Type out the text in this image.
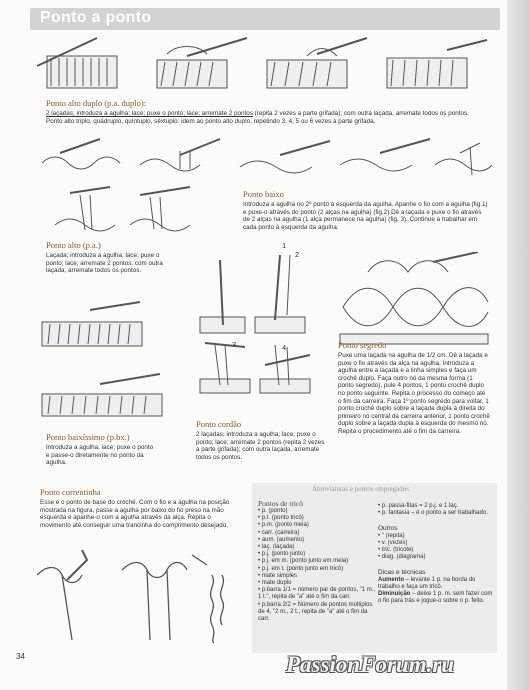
Ponto a ponto
Ponto alto duplo (p.a. duplo):
2 laçadas; introduza a agulha; lace; puxe o ponto; lace; arremate 2 pontos (repita 2 vezes a parte grifada); com outra laçada, arremate todos os pontos. Ponto alto triplo, quádruplo, quíntuplo, sêxtuplo: idem ao ponto alto duplo, repetindo 3, 4, 5 ou 6 vezes a parte grifada.
Ponto baixo
Introduza a agulha no 2º ponto à esquerda da agulha. Apanhe o fio com a agulha (fig.1) e puxe-o através do ponto (2 alças na agulha) (fig.2) Dê a laçada e puxe o fio através de 2 alças na agulha (1 alça permanece na agulha) (fig. 3). Continue a trabalhar em cada ponto à esquerda da agulha.
Ponto alto (p.a.)
Laçada; introduza a agulha; lace; puxe o ponto; lace; arremate 2 pontos; com outra laçada, arremate todos os pontos.
1
2
3	4	Ponto segredo
Puxe uma laçada na agulha de 1/2 cm. Dê a laçada e puxe o fio através da alça na agulha. Introduza a agulha entre a laçada e a linha simples e faça um crochê duplo. Faça outro nó da mesma forma (1 ponto segredo), pule 4 pontos, 1 ponto crochê duplo no ponto seguinte. Repita o processo do começo até o fim da carreira. Faça 1º ponto segredo para voltar, 1 ponto crochê duplo sobre a laçada dupla à direita do primeiro nó central da carreira anterior, 1 ponto crochê duplo sobre a laçada dupla à esquerda do mesmo nó. Repita o procedimento até o fim da carreira.
Ponto cordão
2 laçadas; introduza a agulha; lace; puxe o ponto; lace; arremate 2 pontos (repita 2 vezes a parte grifada); com outra laçada, arremate todos os pontos.
Ponto baixíssimo (p.bx.)
Introduza a agulha, lace; puxe o ponto e passe-o diretamente no ponto da agulha.
Ponto correntinha
Esse é o ponto de base do crochê. Com o fio e a agulha na posição mostrada na figura, passe a agulha por baixo do fio preso na mão esquerda e apanhe-o com a agulha através da alça. Repita o movimento até conseguir uma trancinha do comprimento desejado.
Abreviaturas e pontos empregados
Pontos de tricô
• p. (ponto)
• p.t. (ponto tricô)
• p.m. (ponto meia)
• carr. (carreira)
• aum. (aumento)
• laç. (laçada)
• p.j. (ponto junto)
• p.j. em m. (ponto junto em meia)
• p.j. em t. (ponto junto em tricô)
• mate simples
• mate duplo
• p.barra 1/1 = número par de pontos, "1 m., 1 t.", repita de "a" até o fim da carr.
• p.barra 2/2 = Número de pontos múltiplos de 4, "2 m., 2 t., repita de "a" até o fim da carr.
• p. passa-fitas = 2 p.j. e 1 laç.
• p. fantasia – é o ponto a ser trabalhado.
Outros
• " (repita)
• v. (vezes)
• tric. (tricote)
• diag. (diagrama)
Dicas e técnicas
Aumento – levante 1 p. na borda do trabalho e faça um tricô.
Diminuição – deixe 1 p. m. sem fazer com o fio para trás e jogue-o sobre o p. feito.
34	PassionForum.ru
